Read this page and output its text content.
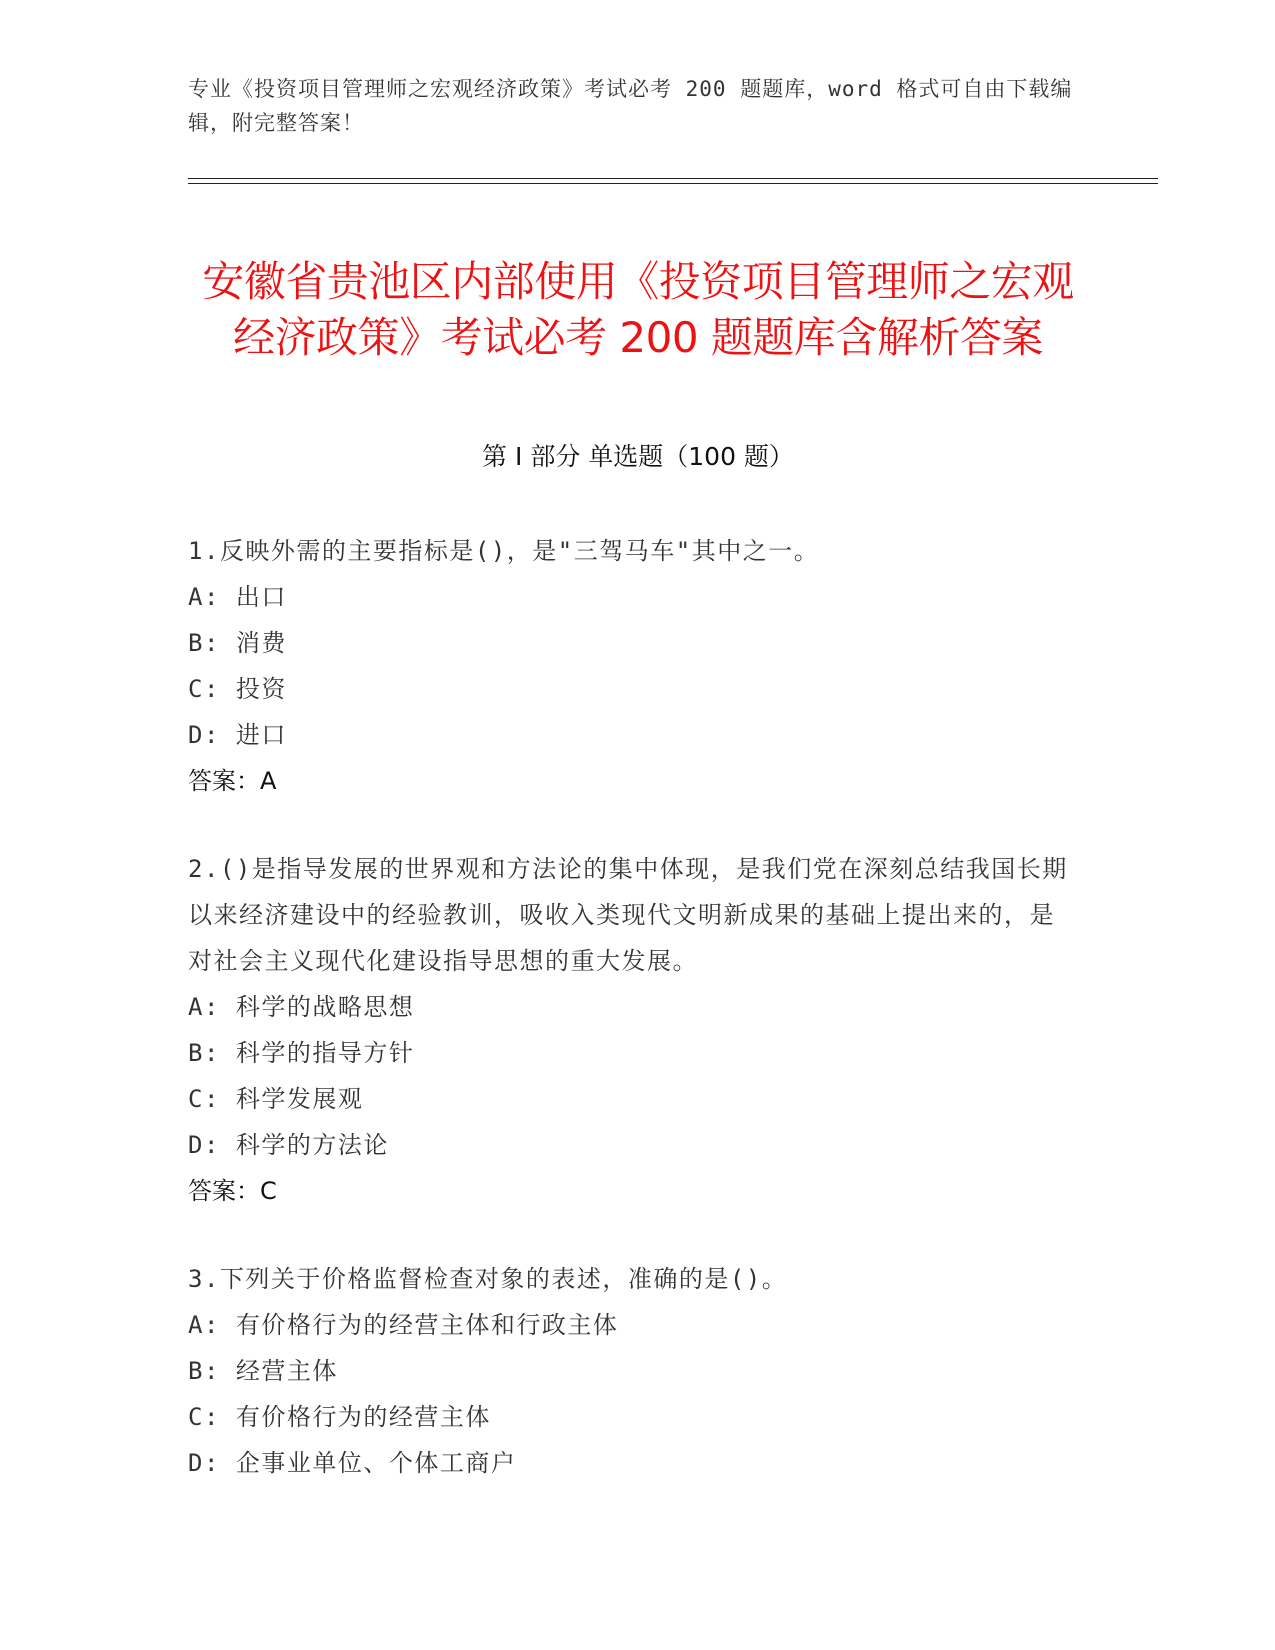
专业《投资项目管理师之宏观经济政策》考试必考 200 题题库，word 格式可自由下载编辑，附完整答案！
安徽省贵池区内部使用《投资项目管理师之宏观经济政策》考试必考 200 题题库含解析答案
第 I 部分 单选题（100 题）
1.反映外需的主要指标是()，是"三驾马车"其中之一。
A: 出口
B: 消费
C: 投资
D: 进口
答案：A
2.()是指导发展的世界观和方法论的集中体现，是我们党在深刻总结我国长期以来经济建设中的经验教训，吸收入类现代文明新成果的基础上提出来的，是对社会主义现代化建设指导思想的重大发展。
A: 科学的战略思想
B: 科学的指导方针
C: 科学发展观
D: 科学的方法论
答案：C
3.下列关于价格监督检查对象的表述，准确的是()。
A: 有价格行为的经营主体和行政主体
B: 经营主体
C: 有价格行为的经营主体
D: 企事业单位、个体工商户
